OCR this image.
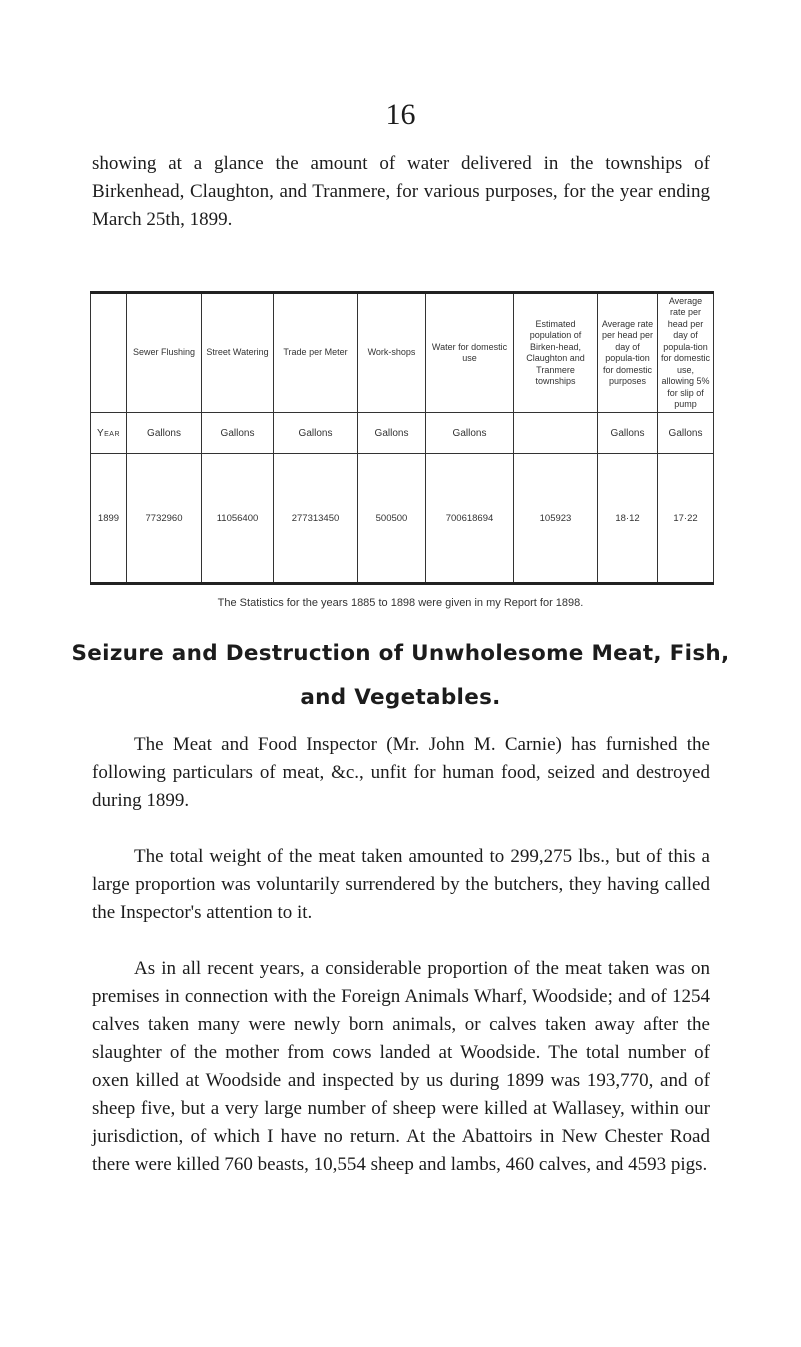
16
showing at a glance the amount of water delivered in the townships of Birkenhead, Claughton, and Tranmere, for various purposes, for the year ending March 25th, 1899.
	Sewer Flushing	Street Watering	Trade per Meter	Work-shops	Water for domestic use	Estimated population of Birken-head, Claughton and Tranmere townships	Average rate per head per day of popula-tion for domestic purposes	Average rate per head per day of popula-tion for domestic use, allowing 5% for slip of pump
Year	Gallons	Gallons	Gallons	Gallons	Gallons		Gallons	Gallons
1899	7732960	11056400	277313450	500500	700618694	105923	18·12	17·22
The Statistics for the years 1885 to 1898 were given in my Report for 1898.
Seizure and Destruction of Unwholesome Meat, Fish,
and Vegetables.
The Meat and Food Inspector (Mr. John M. Carnie) has furnished the following particulars of meat, &c., unfit for human food, seized and destroyed during 1899.
The total weight of the meat taken amounted to 299,275 lbs., but of this a large proportion was voluntarily surrendered by the butchers, they having called the Inspector's attention to it.
As in all recent years, a considerable proportion of the meat taken was on premises in connection with the Foreign Animals Wharf, Woodside; and of 1254 calves taken many were newly born animals, or calves taken away after the slaughter of the mother from cows landed at Woodside. The total number of oxen killed at Woodside and inspected by us during 1899 was 193,770, and of sheep five, but a very large number of sheep were killed at Wallasey, within our jurisdiction, of which I have no return. At the Abattoirs in New Chester Road there were killed 760 beasts, 10,554 sheep and lambs, 460 calves, and 4593 pigs.
